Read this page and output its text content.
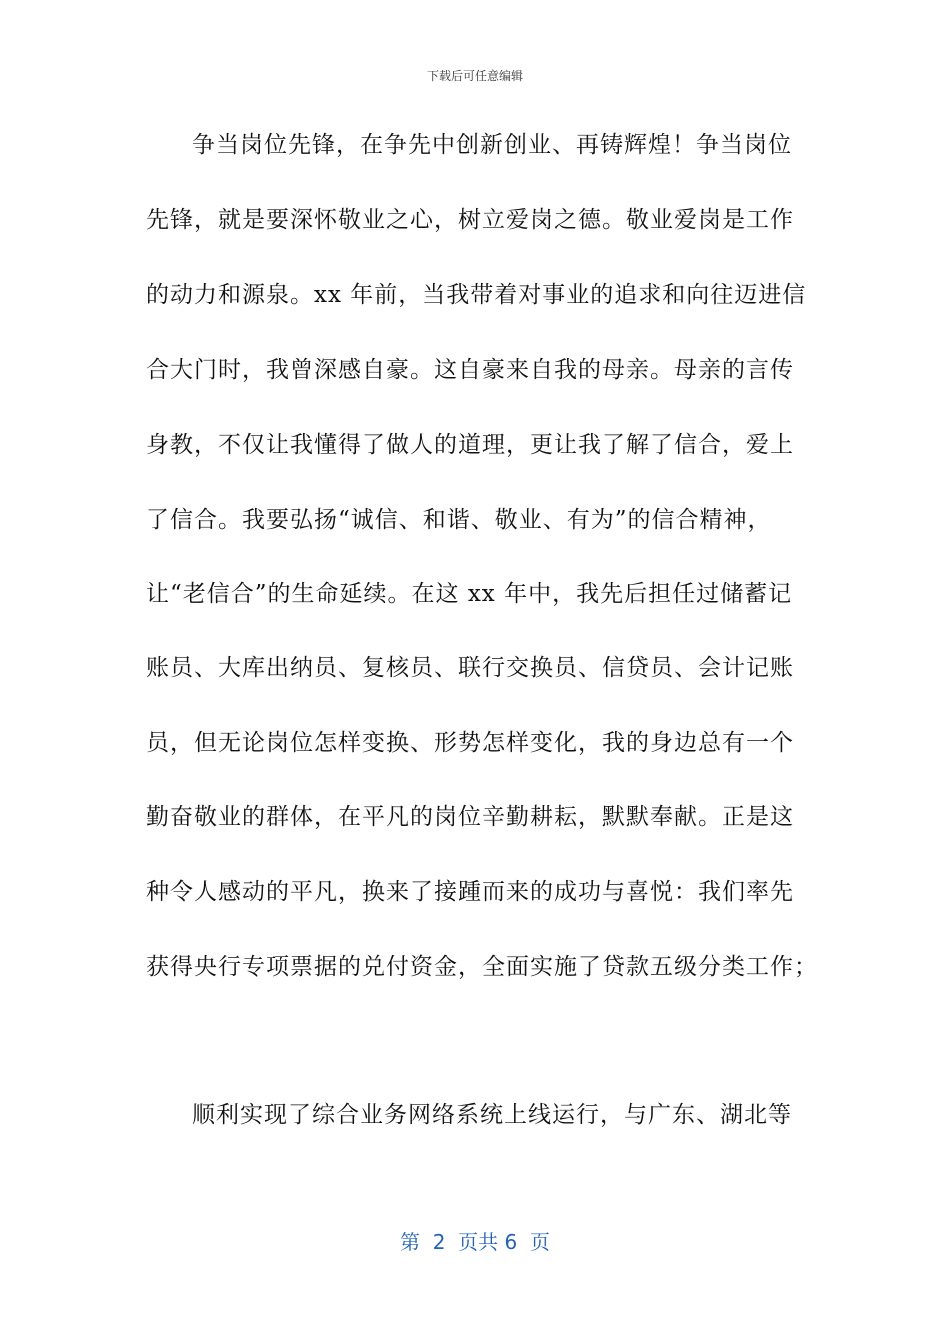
下载后可任意编辑
争当岗位先锋，在争先中创新创业、再铸辉煌！争当岗位
先锋，就是要深怀敬业之心，树立爱岗之德。敬业爱岗是工作
的动力和源泉。xx 年前，当我带着对事业的追求和向往迈进信
合大门时，我曾深感自豪。这自豪来自我的母亲。母亲的言传
身教，不仅让我懂得了做人的道理，更让我了解了信合，爱上
了信合。我要弘扬“诚信、和谐、敬业、有为”的信合精神，
让“老信合”的生命延续。在这 xx 年中，我先后担任过储蓄记
账员、大库出纳员、复核员、联行交换员、信贷员、会计记账
员，但无论岗位怎样变换、形势怎样变化，我的身边总有一个
勤奋敬业的群体，在平凡的岗位辛勤耕耘，默默奉献。正是这
种令人感动的平凡，换来了接踵而来的成功与喜悦：我们率先
获得央行专项票据的兑付资金，全面实施了贷款五级分类工作；
顺利实现了综合业务网络系统上线运行，与广东、湖北等
第  2  页共 6  页
